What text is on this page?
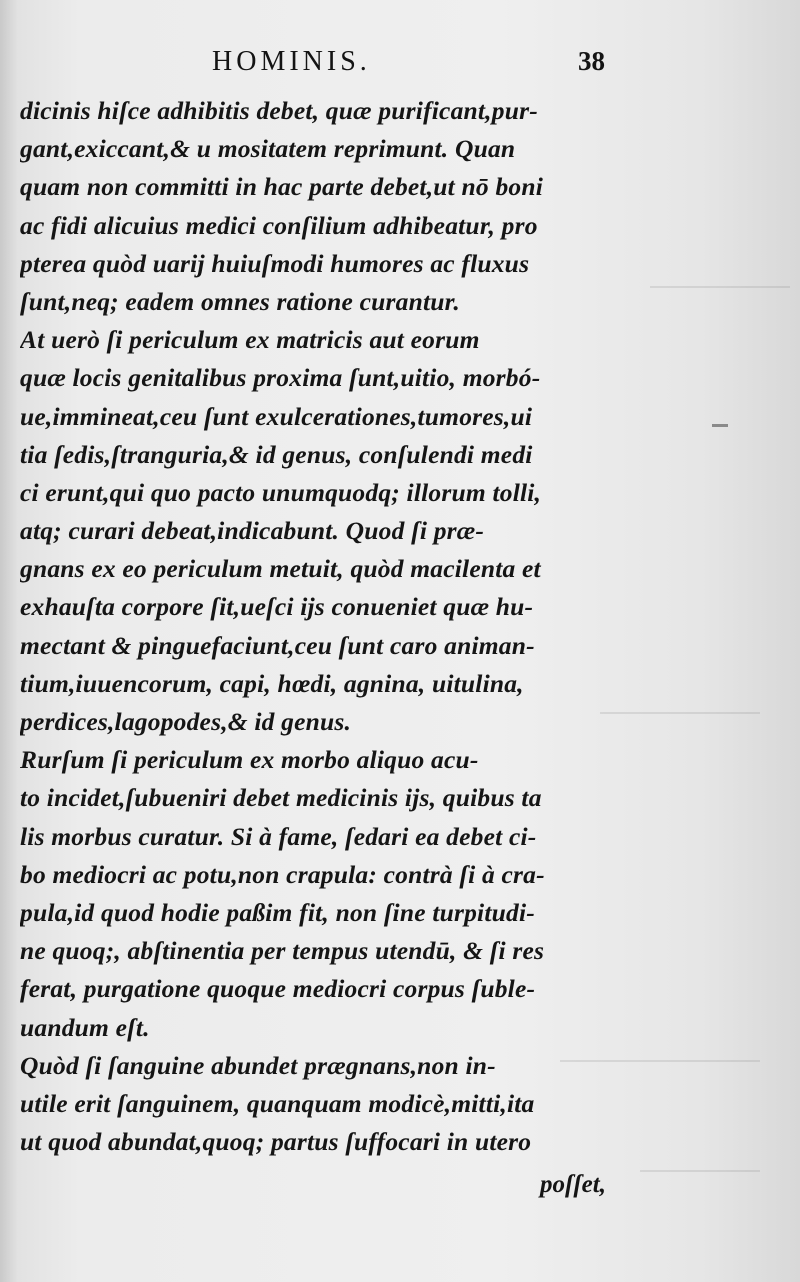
HOMINIS.	38
dicinis hiſce adhibitis debet, quæ purificant,pur-
gant,exiccant,& u mositatem reprimunt. Quan
quam non committi in hac parte debet,ut nō boni
ac fidi alicuius medici conſilium adhibeatur, pro
pterea quòd uarij huiuſmodi humores ac fluxus
ſunt,neq; eadem omnes ratione curantur.
At uerò ſi periculum ex matricis aut eorum
quæ locis genitalibus proxima ſunt,uitio, morbó-
ue,immineat,ceu ſunt exulcerationes,tumores,ui
tia ſedis,ſtranguria,& id genus, conſulendi medi
ci erunt,qui quo pacto unumquodq; illorum tolli,
atq; curari debeat,indicabunt. Quod ſi præ-
gnans ex eo periculum metuit, quòd macilenta et
exhauſta corpore ſit,ueſci ijs conueniet quæ hu-
mectant & pinguefaciunt,ceu ſunt caro animan-
tium,iuuencorum, capi, hœdi, agnina, uitulina,
perdices,lagopodes,& id genus.
Rurſum ſi periculum ex morbo aliquo acu-
to incidet,ſubueniri debet medicinis ijs, quibus ta
lis morbus curatur. Si à fame, ſedari ea debet ci-
bo mediocri ac potu,non crapula: contrà ſi à cra-
pula,id quod hodie paßim fit, non ſine turpitudi-
ne quoq;, abſtinentia per tempus utendū, & ſi res
ferat, purgatione quoque mediocri corpus ſuble-
uandum eſt.
Quòd ſi ſanguine abundet prægnans,non in-
utile erit ſanguinem, quanquam modicè,mitti,ita
ut quod abundat,quoq; partus ſuffocari in utero
poſſet,
